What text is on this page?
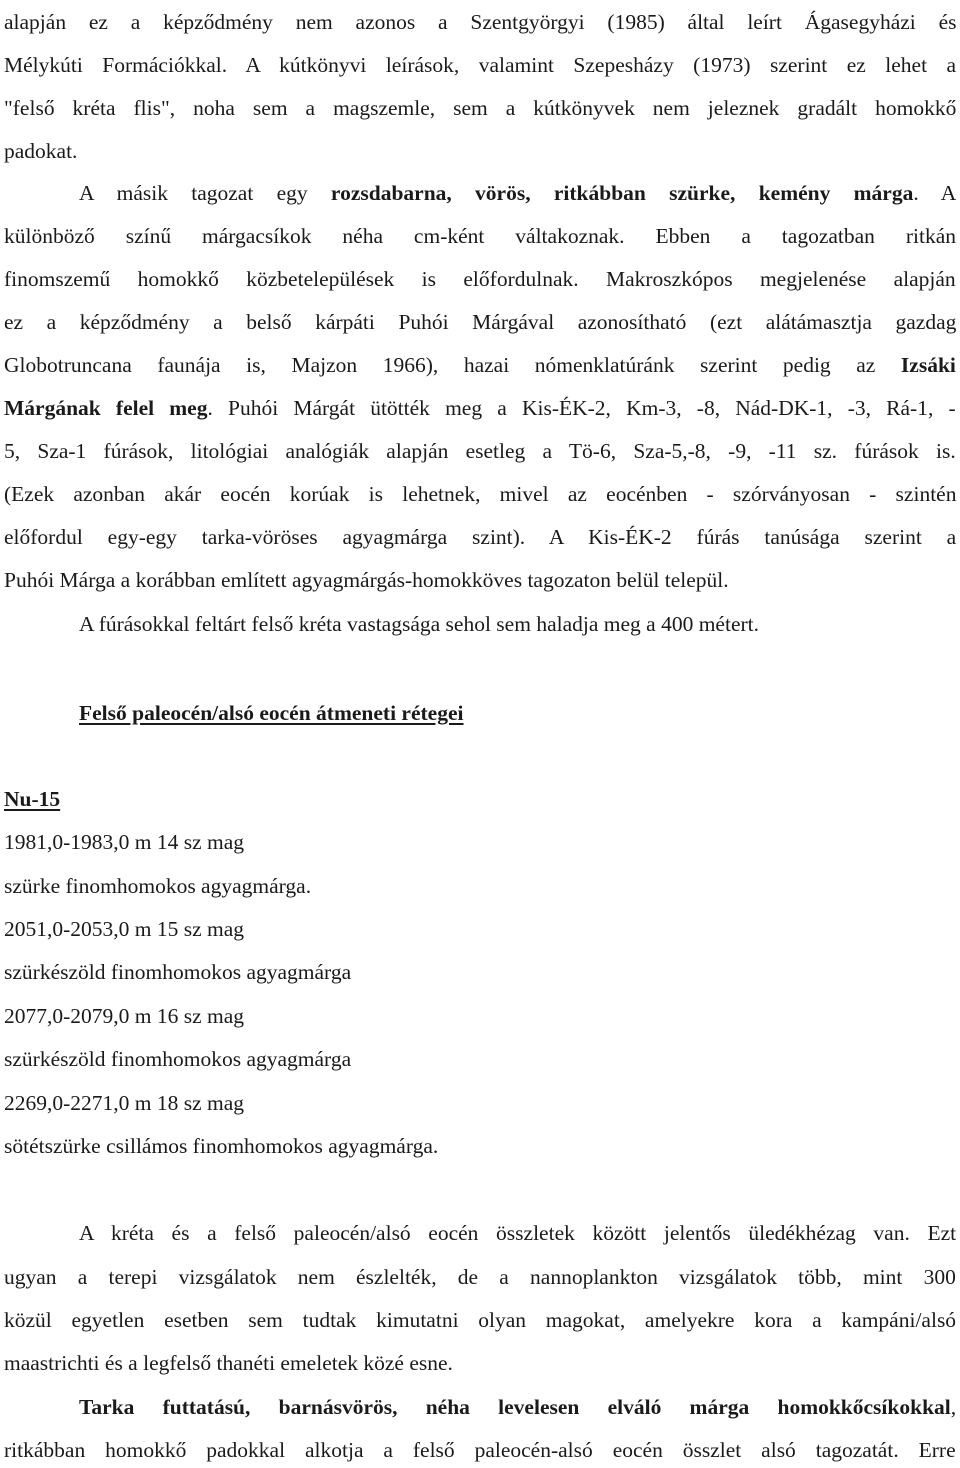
alapján ez a képződmény nem azonos a Szentgyörgyi (1985) által leírt Ágasegyházi és
Mélykúti Formációkkal. A kútkönyvi leírások, valamint Szepesházy (1973) szerint ez lehet a
"felső kréta flis", noha sem a magszemle, sem a kútkönyvek nem jeleznek gradált homokkő
padokat.
A másik tagozat egy rozsdabarna, vörös, ritkábban szürke, kemény márga. A
különböző színű márgacsíkok néha cm-ként váltakoznak. Ebben a tagozatban ritkán
finomszemű homokkő közbetelepülések is előfordulnak. Makroszkópos megjelenése alapján
ez a képződmény a belső kárpáti Puhói Márgával azonosítható (ezt alátámasztja gazdag
Globotruncana faunája is, Majzon 1966), hazai nómenklatúránk szerint pedig az Izsáki
Márgának felel meg. Puhói Márgát ütötték meg a Kis-ÉK-2, Km-3, -8, Nád-DK-1, -3, Rá-1, -
5, Sza-1 fúrások, litológiai analógiák alapján esetleg a Tö-6, Sza-5,-8, -9, -11 sz. fúrások is.
(Ezek azonban akár eocén korúak is lehetnek, mivel az eocénben - szórványosan - szintén
előfordul egy-egy tarka-vöröses agyagmárga szint). A Kis-ÉK-2 fúrás tanúsága szerint a
Puhói Márga a korábban említett agyagmárgás-homokköves tagozaton belül települ.
A fúrásokkal feltárt felső kréta vastagsága sehol sem haladja meg a 400 métert.
Felső paleocén/alsó eocén átmeneti rétegei
Nu-15
1981,0-1983,0 m 14 sz mag
szürke finomhomokos agyagmárga.
2051,0-2053,0 m 15 sz mag
szürkészöld finomhomokos agyagmárga
2077,0-2079,0 m 16 sz mag
szürkészöld finomhomokos agyagmárga
2269,0-2271,0 m 18 sz mag
sötétszürke csillámos finomhomokos agyagmárga.
A kréta és a felső paleocén/alsó eocén összletek között jelentős üledékhézag van. Ezt
ugyan a terepi vizsgálatok nem észlelték, de a nannoplankton vizsgálatok több, mint 300
közül egyetlen esetben sem tudtak kimutatni olyan magokat, amelyekre kora a kampáni/alsó
maastrichti és a legfelső thanéti emeletek közé esne.
Tarka futtatású, barnásvörös, néha levelesen elváló márga homokkőcsíkokkal,
ritkábban homokkő padokkal alkotja a felső paleocén-alsó eocén összlet alsó tagozatát. Erre
